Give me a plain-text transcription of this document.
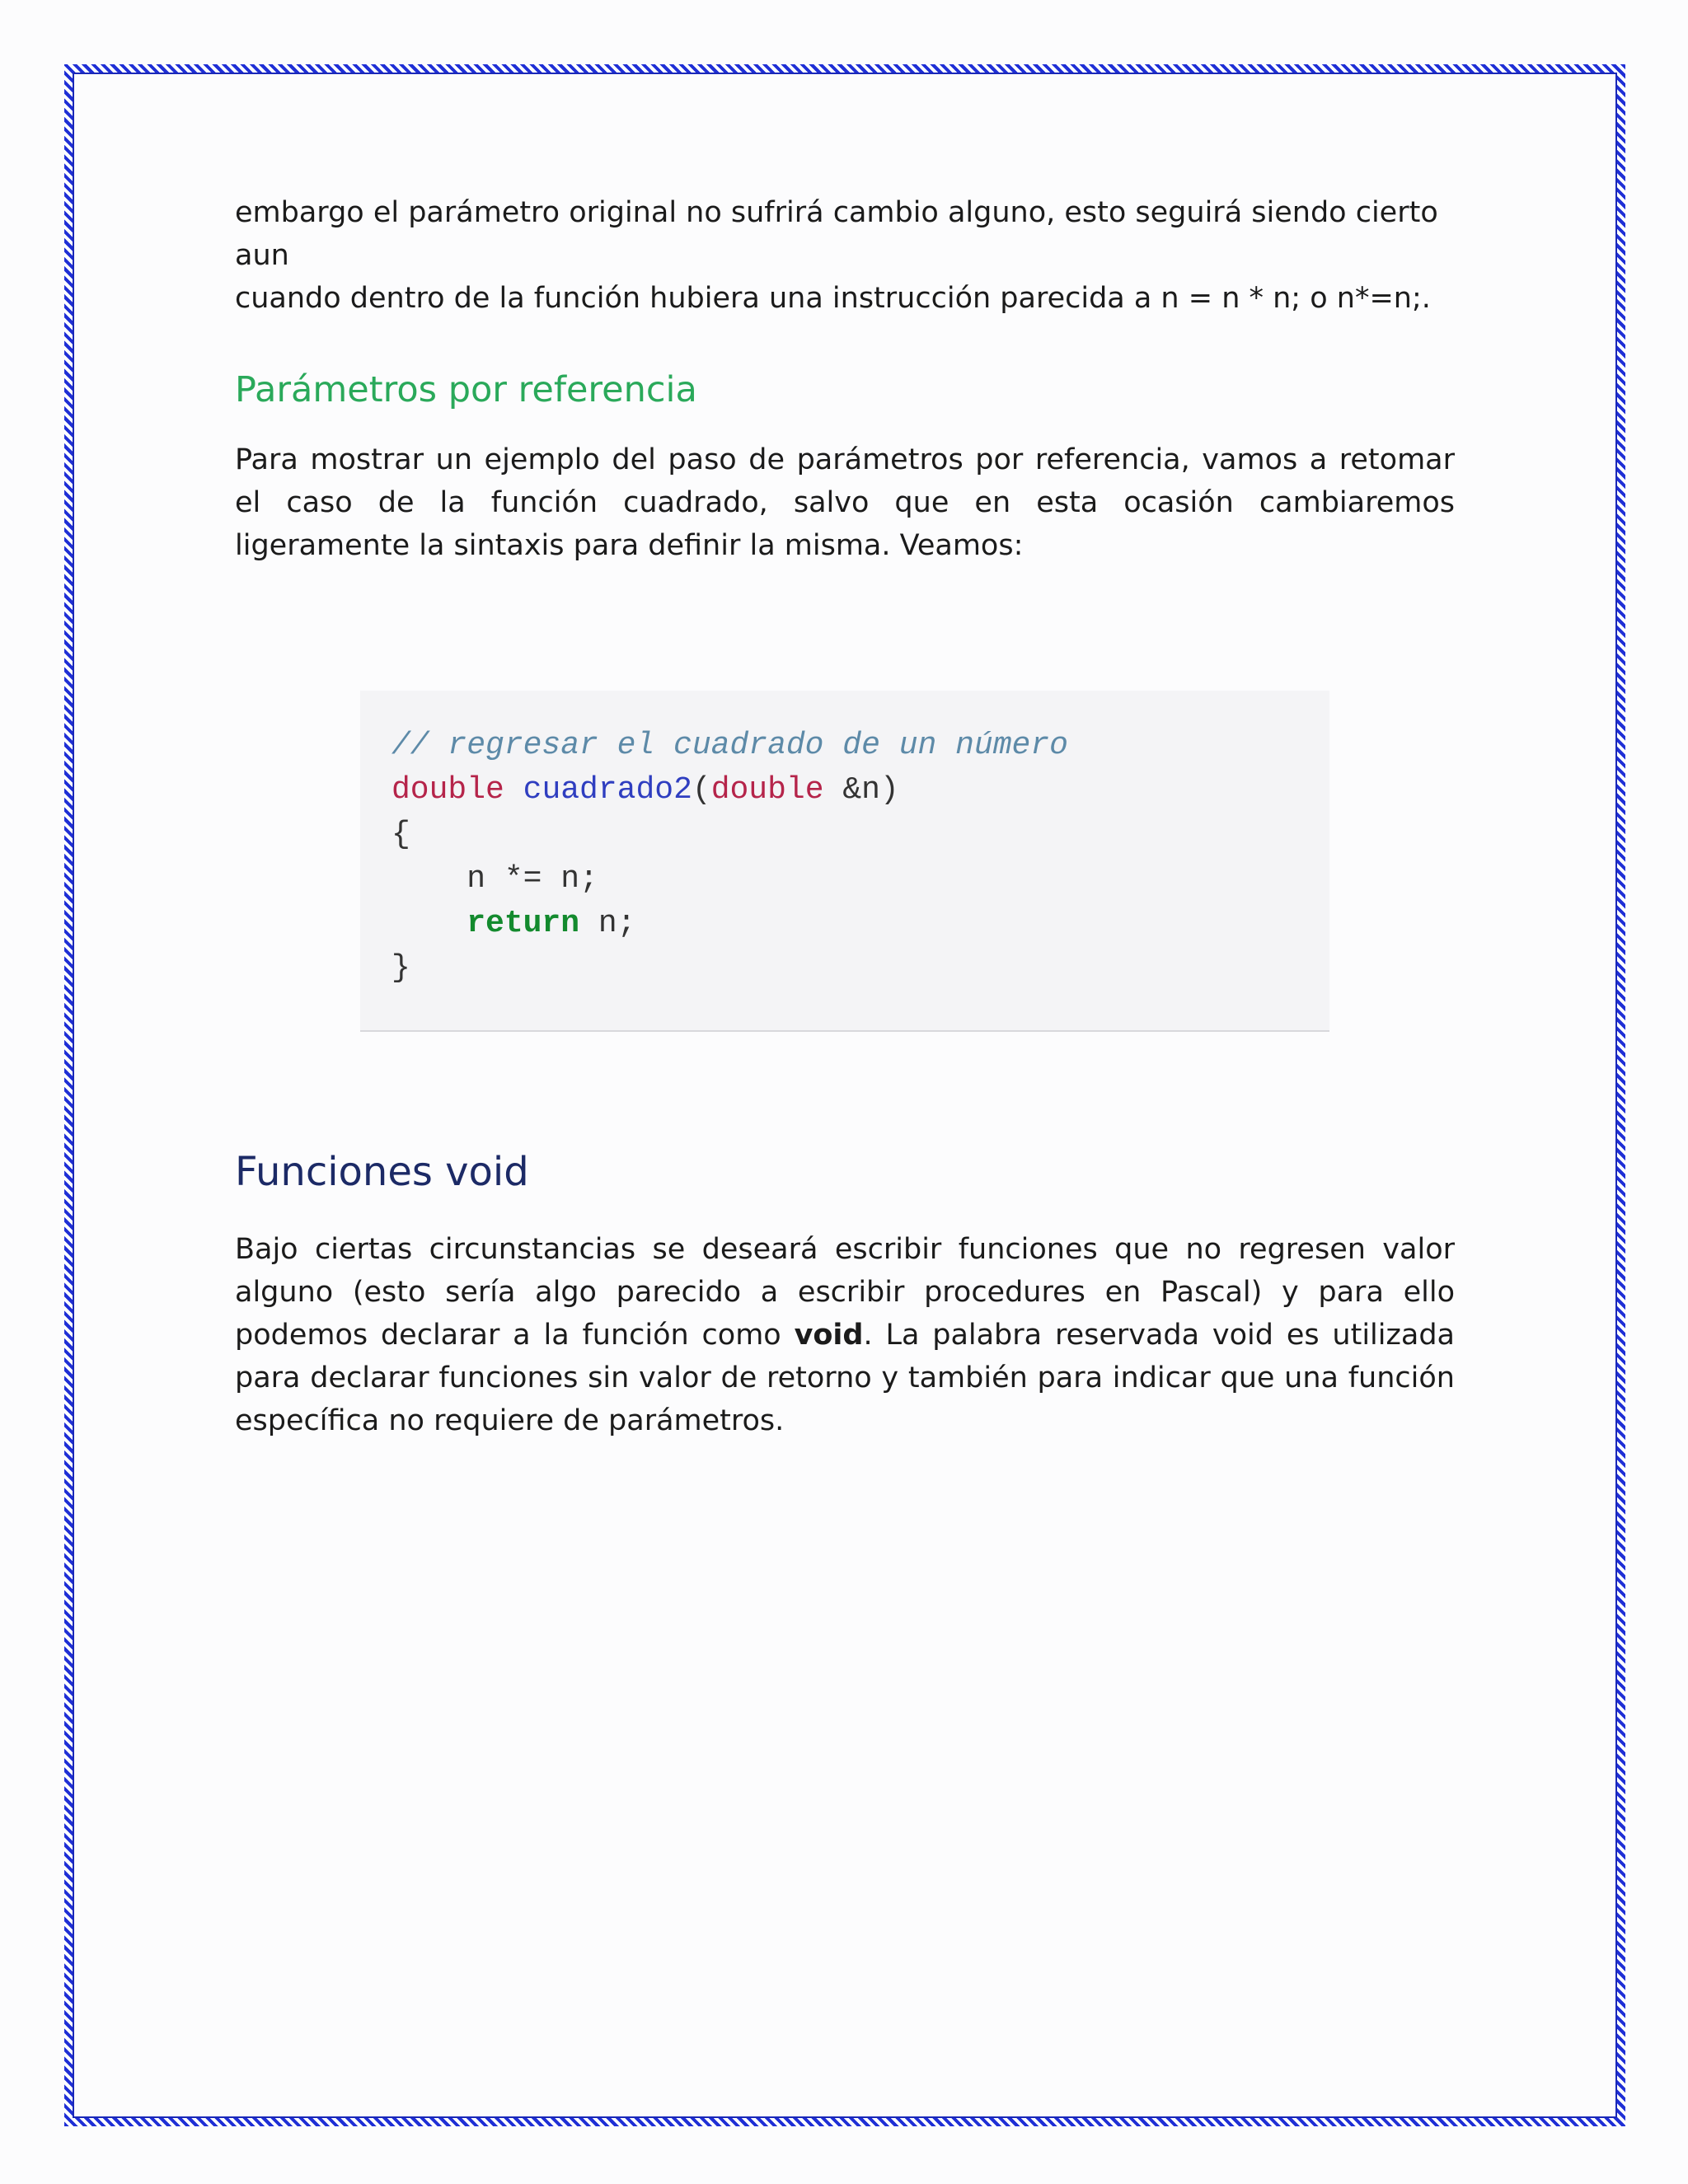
embargo el parámetro original no sufrirá cambio alguno, esto seguirá siendo cierto aun
cuando dentro de la función hubiera una instrucción parecida a n = n * n; o n*=n;.

Parámetros por referencia

Para mostrar un ejemplo del paso de parámetros por referencia, vamos a retomar el caso de la función cuadrado, salvo que en esta ocasión cambiaremos ligeramente la sintaxis para definir la misma. Veamos:

// regresar el cuadrado de un número
double cuadrado2(double &n)
{
n *= n;
return n;
}
Funciones void

Bajo ciertas circunstancias se deseará escribir funciones que no regresen valor alguno (esto sería algo parecido a escribir procedures en Pascal) y para ello podemos declarar a la función como void. La palabra reservada void es utilizada para declarar funciones sin valor de retorno y también para indicar que una función específica no requiere de parámetros.
